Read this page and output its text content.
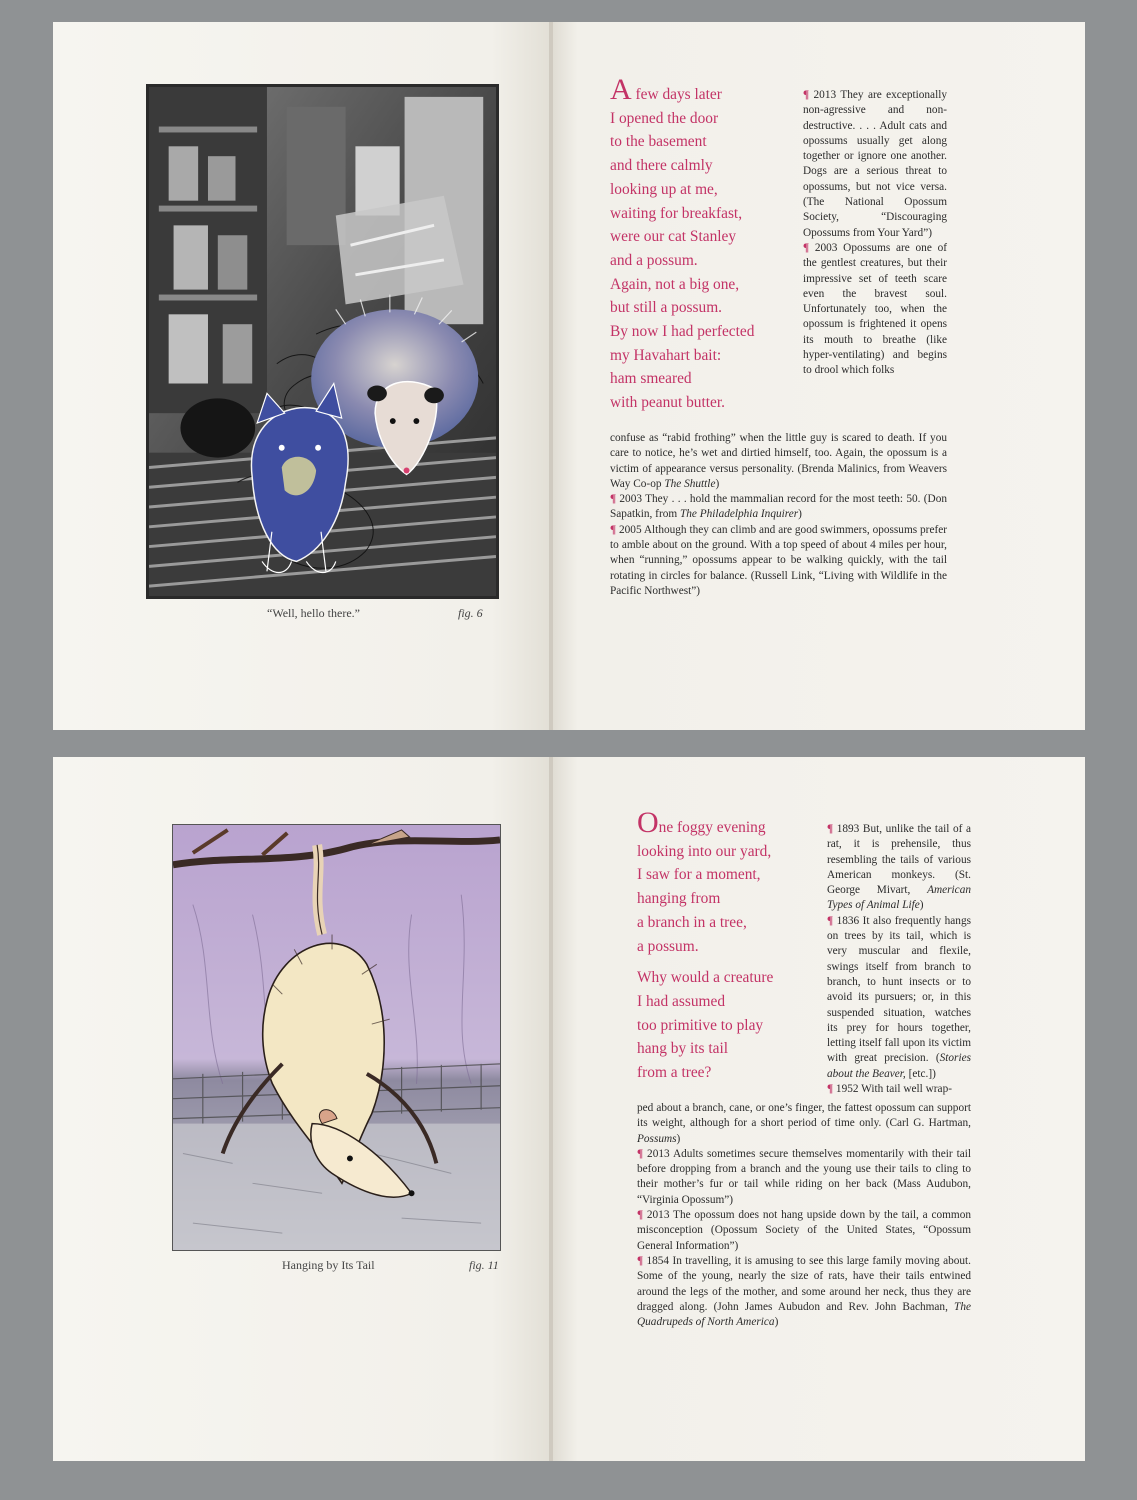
“Well, hello there.”	fig. 6

A few days later

I opened the door

to the basement

and there calmly

looking up at me,

waiting for breakfast,

were our cat Stanley

and a possum.

Again, not a big one,

but still a possum.

By now I had perfected

my Havahart bait:

ham smeared

with peanut butter.

¶ 2013 They are exceptionally non-agressive and non-destructive. . . . Adult cats and opossums usually get along together or ignore one another. Dogs are a serious threat to opossums, but not vice versa. (The National Opossum Society, “Discouraging Opossums from Your Yard”)

¶ 2003 Opossums are one of the gentlest creatures, but their impressive set of teeth scare even the bravest soul. Unfortunately too, when the opossum is frightened it opens its mouth to breathe (like hyper-ventilating) and begins to drool which folks

confuse as “rabid frothing” when the little guy is scared to death. If you care to notice, he’s wet and dirtied himself, too. Again, the opossum is a victim of appearance versus personality. (Brenda Malinics, from Weavers Way Co-op The Shuttle)

¶ 2003 They . . . hold the mammalian record for the most teeth: 50. (Don Sapatkin, from The Philadelphia Inquirer)

¶ 2005 Although they can climb and are good swimmers, opossums prefer to amble about on the ground. With a top speed of about 4 miles per hour, when “running,” opossums appear to be walking quickly, with the tail rotating in circles for balance. (Russell Link, “Living with Wildlife in the Pacific Northwest”)

Hanging by Its Tail	fig. 11

One foggy evening

looking into our yard,

I saw for a moment,

hanging from

a branch in a tree,

a possum.

Why would a creature

I had assumed

too primitive to play

hang by its tail

from a tree?

¶ 1893 But, unlike the tail of a rat, it is prehensile, thus resembling the tails of various American monkeys. (St. George Mivart, American Types of Animal Life)

¶ 1836 It also frequently hangs on trees by its tail, which is very muscular and flexile, swings itself from branch to branch, to hunt insects or to avoid its pursuers; or, in this suspended situation, watches its prey for hours together, letting itself fall upon its victim with great precision. (Stories about the Beaver, [etc.])

¶ 1952 With tail well wrap-

ped about a branch, cane, or one’s finger, the fattest opossum can support its weight, although for a short period of time only. (Carl G. Hartman, Possums)

¶ 2013 Adults sometimes secure themselves momentarily with their tail before dropping from a branch and the young use their tails to cling to their mother’s fur or tail while riding on her back (Mass Audubon, “Virginia Opossum”)

¶ 2013 The opossum does not hang upside down by the tail, a common misconception (Opossum Society of the United States, “Opossum General Information”)

¶ 1854 In travelling, it is amusing to see this large family moving about. Some of the young, nearly the size of rats, have their tails entwined around the legs of the mother, and some around her neck, thus they are dragged along. (John James Aubudon and Rev. John Bachman, The Quadrupeds of North America)
